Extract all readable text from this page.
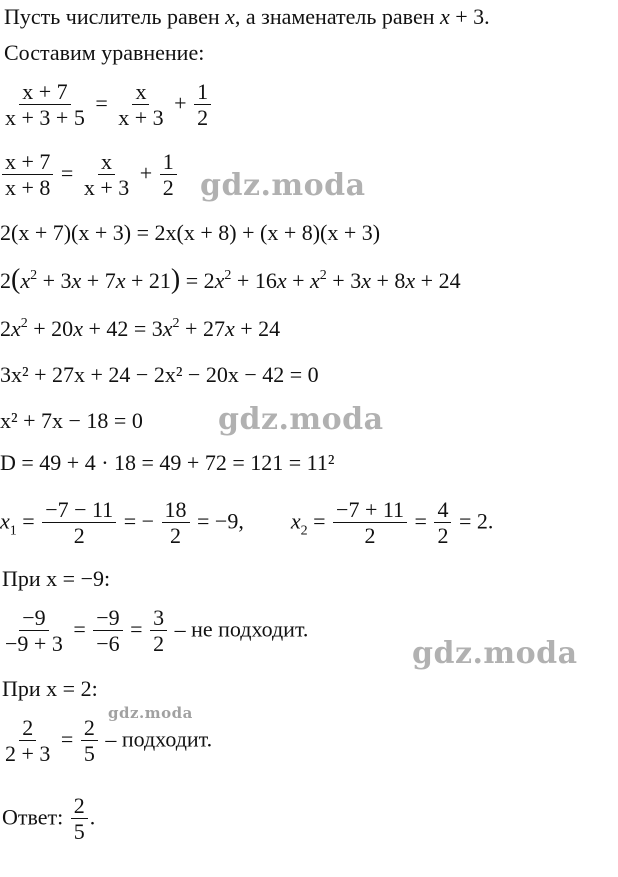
Пусть числитель равен x, а знаменатель равен x + 3.
Составим уравнение:
$\frac{x + 7}{x + 3 + 5} = \frac{x}{x + 3} + \frac{1}{2}$
$\frac{x + 7}{x + 8} = \frac{x}{x + 3} + \frac{1}{2}$ gdz.moda
2(x + 7)(x + 3) = 2x(x + 8) + (x + 8)(x + 3)
$2(x^2 + 3x + 7x + 21) = 2x^2 + 16x + x^2 + 3x + 8x + 24$
$2x^2 + 20x + 42 = 3x^2 + 27x + 24$
3x² + 27x + 24 − 2x² − 20x − 42 = 0
x² + 7x − 18 = 0	gdz.moda
D = 49 + 4 · 18 = 49 + 72 = 121 = 11²
$x_1 = \frac{-7 - 11}{2}$ = − $\frac{18}{2} = -9$, $x_2 = \frac{-7 + 11}{2} = \frac{4}{2} = 2$.
При x = −9:
$\frac{-9}{-9 + 3} = \frac{-9}{-6} = \frac{3}{2}$ – не подходит.
gdz.moda
При x = 2:
$\frac{2}{2 + 3} = \frac{2}{5}$ – подходит.
gdz.moda
Ответ: $\frac{2}{5}$ .
